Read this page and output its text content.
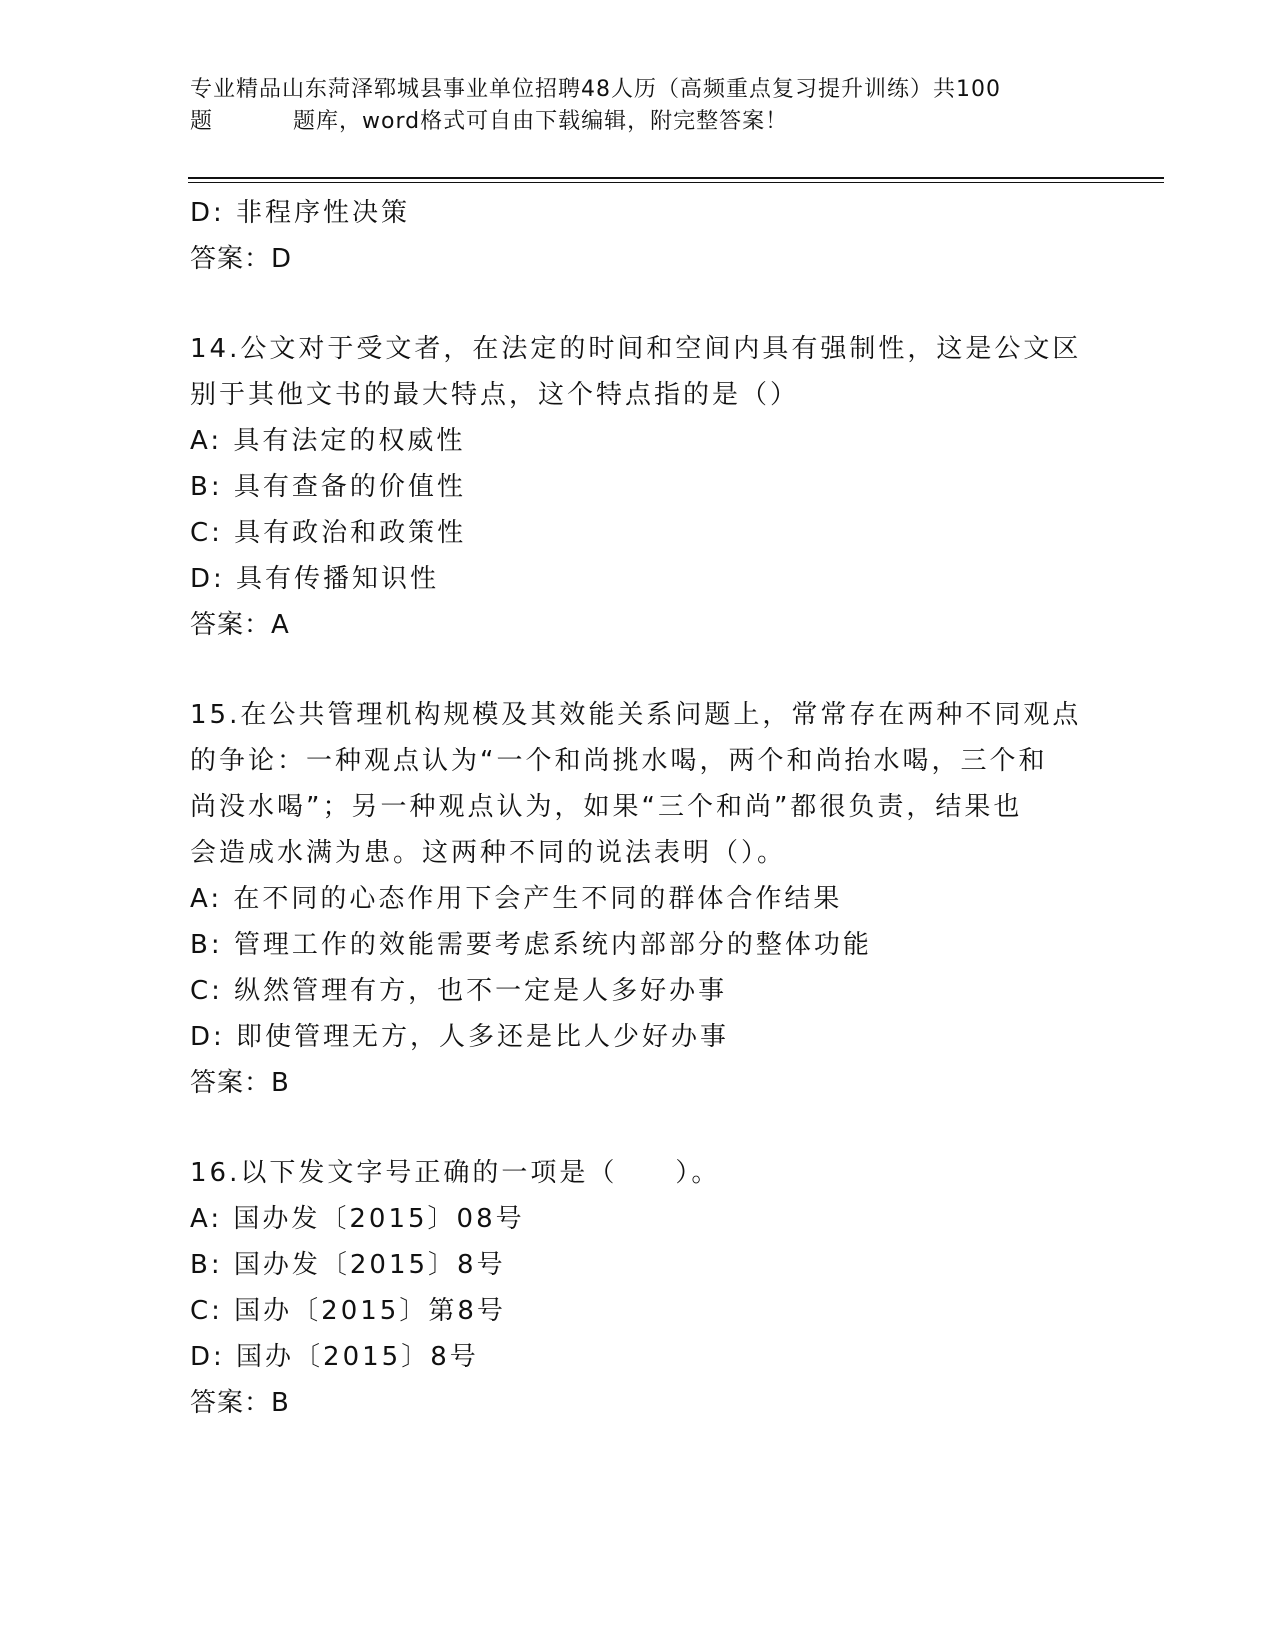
专业精品山东菏泽郓城县事业单位招聘48人历（高频重点复习提升训练）共100
题	题库，word格式可自由下载编辑，附完整答案！
D: 非程序性决策
答案：D
14.公文对于受文者，在法定的时间和空间内具有强制性，这是公文区
别于其他文书的最大特点，这个特点指的是（）
A: 具有法定的权威性
B: 具有查备的价值性
C: 具有政治和政策性
D: 具有传播知识性
答案：A
15.在公共管理机构规模及其效能关系问题上，常常存在两种不同观点
的争论：一种观点认为“一个和尚挑水喝，两个和尚抬水喝，三个和
尚没水喝”；另一种观点认为，如果“三个和尚”都很负责，结果也
会造成水满为患。这两种不同的说法表明（）。
A: 在不同的心态作用下会产生不同的群体合作结果
B: 管理工作的效能需要考虑系统内部部分的整体功能
C: 纵然管理有方，也不一定是人多好办事
D: 即使管理无方，人多还是比人少好办事
答案：B
16.以下发文字号正确的一项是（　　）。
A: 国办发〔2015〕08号
B: 国办发〔2015〕8号
C: 国办〔2015〕第8号
D: 国办〔2015〕8号
答案：B
